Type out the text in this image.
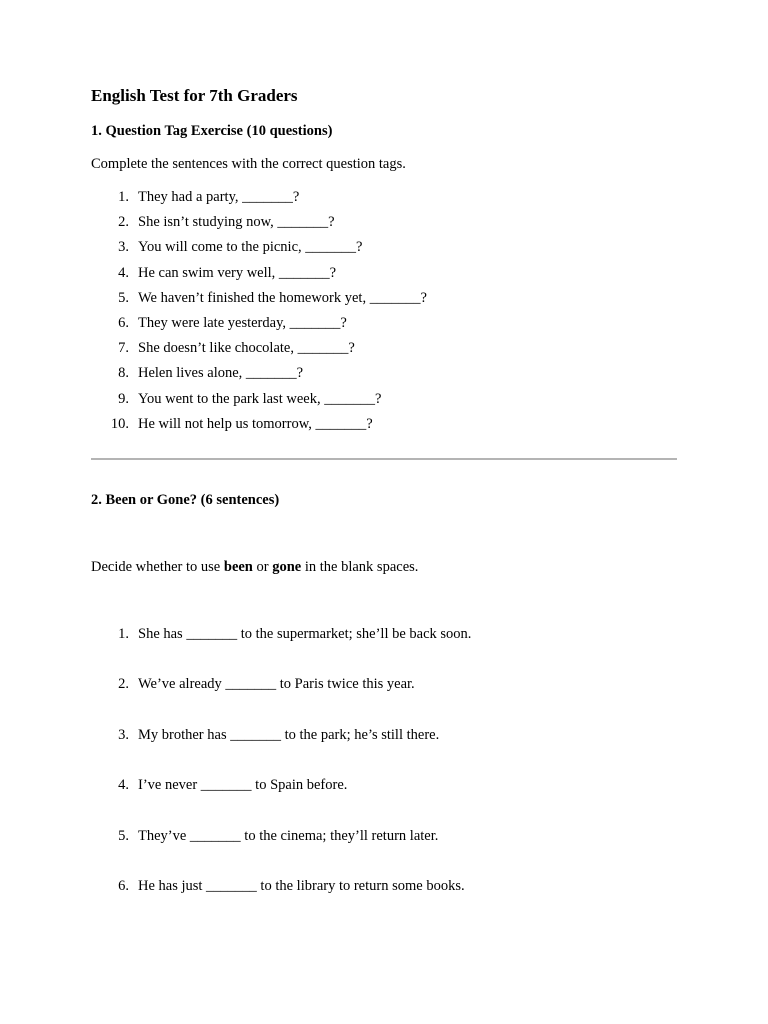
English Test for 7th Graders
1. Question Tag Exercise (10 questions)

Complete the sentences with the correct question tags.

1. They had a party, _______?
2. She isn’t studying now, _______?
3. You will come to the picnic, _______?
4. He can swim very well, _______?
5. We haven’t finished the homework yet, _______?
6. They were late yesterday, _______?
7. She doesn’t like chocolate, _______?
8. Helen lives alone, _______?
9. You went to the park last week, _______?
10. He will not help us tomorrow, _______?
2. Been or Gone? (6 sentences)

Decide whether to use been or gone in the blank spaces.

1. She has _______ to the supermarket; she’ll be back soon.
2. We’ve already _______ to Paris twice this year.
3. My brother has _______ to the park; he’s still there.
4. I’ve never _______ to Spain before.
5. They’ve _______ to the cinema; they’ll return later.
6. He has just _______ to the library to return some books.
